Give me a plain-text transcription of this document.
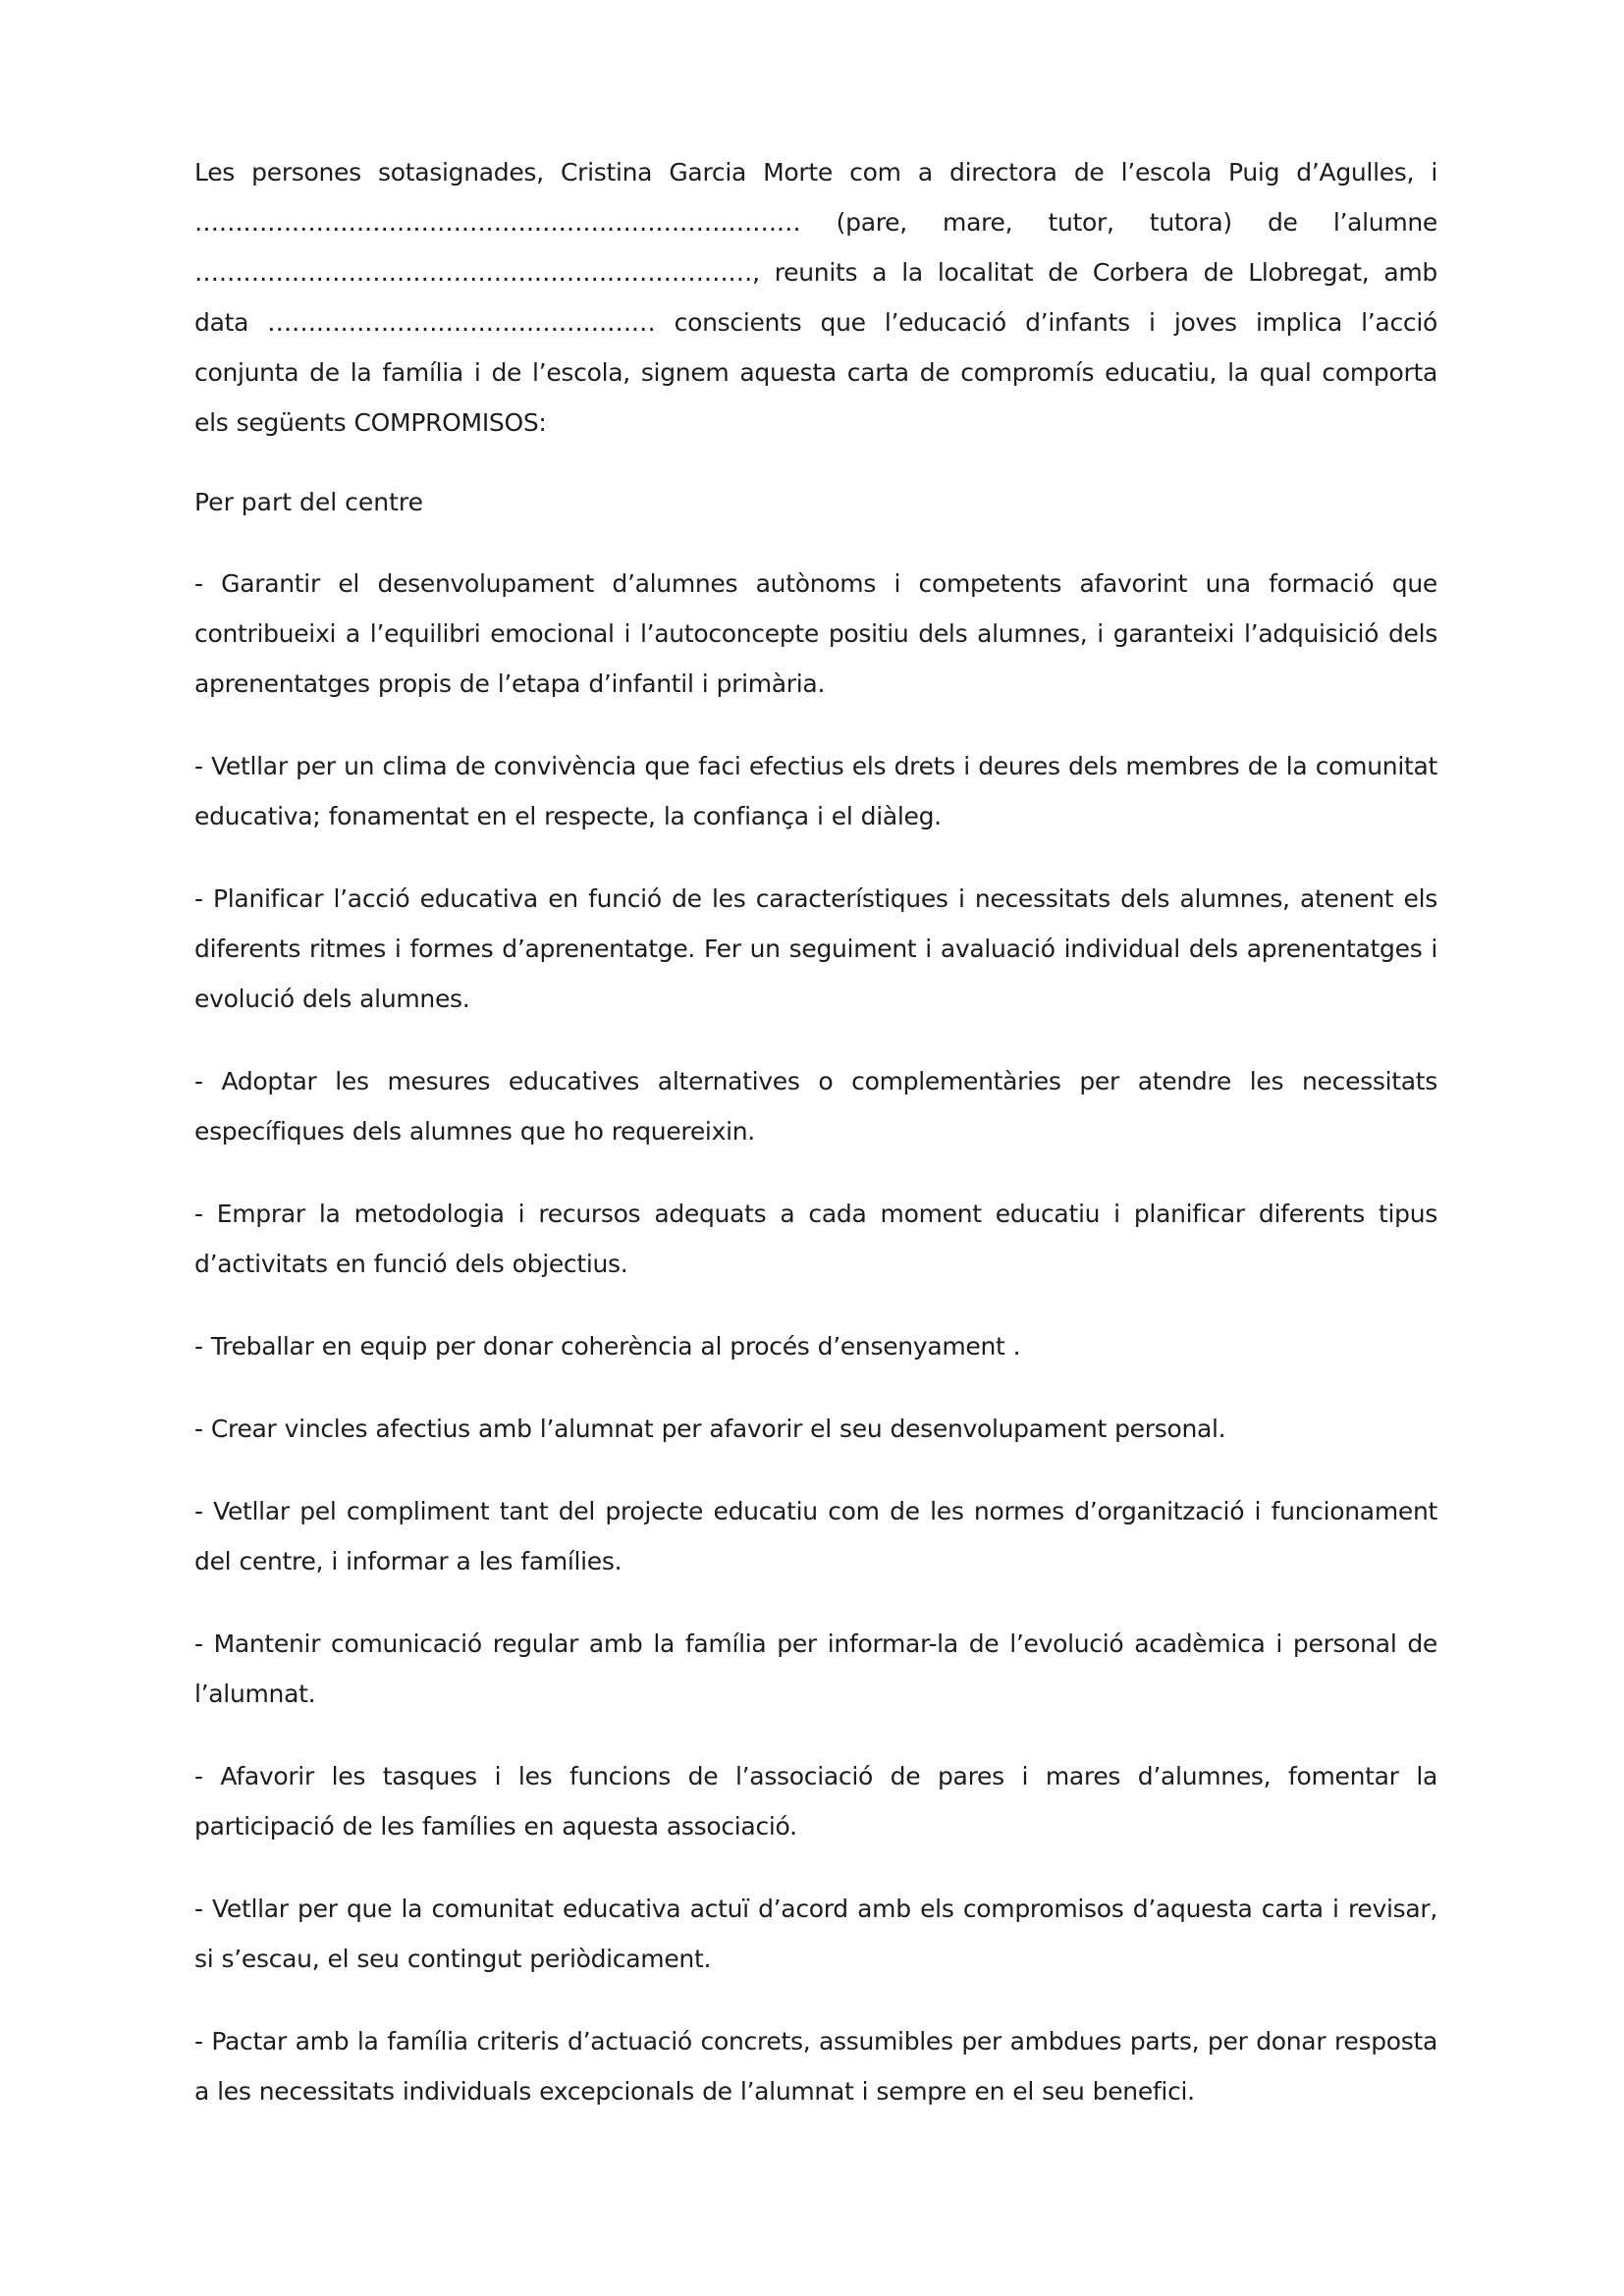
Les persones sotasignades, Cristina Garcia Morte com a directora de l’escola Puig d’Agulles, i ………………………………………………………………… (pare, mare, tutor, tutora) de l’alumne ……………………………………………………………, reunits a la localitat de Corbera de Llobregat, amb data ………………………………………… conscients que l’educació d’infants i joves implica l’acció conjunta de la família i de l’escola, signem aquesta carta de compromís educatiu, la qual comporta els següents COMPROMISOS:

Per part del centre

- Garantir el desenvolupament d’alumnes autònoms i competents afavorint una formació que contribueixi a l’equilibri emocional i l’autoconcepte positiu dels alumnes, i garanteixi l’adquisició dels aprenentatges propis de l’etapa d’infantil i primària.

- Vetllar per un clima de convivència que faci efectius els drets i deures dels membres de la comunitat educativa; fonamentat en el respecte, la confiança i el diàleg.

- Planificar l’acció educativa en funció de les característiques i necessitats dels alumnes, atenent els diferents ritmes i formes d’aprenentatge. Fer un seguiment i avaluació individual dels aprenentatges i evolució dels alumnes.

- Adoptar les mesures educatives alternatives o complementàries per atendre les necessitats específiques dels alumnes que ho requereixin.

- Emprar la metodologia i recursos adequats a cada moment educatiu i planificar diferents tipus d’activitats en funció dels objectius.

- Treballar en equip per donar coherència al procés d’ensenyament .

- Crear vincles afectius amb l’alumnat per afavorir el seu desenvolupament personal.

- Vetllar pel compliment tant del projecte educatiu com de les normes d’organització i funcionament del centre, i informar a les famílies.

- Mantenir comunicació regular amb la família per informar-la de l’evolució acadèmica i personal de l’alumnat.

- Afavorir les tasques i les funcions de l’associació de pares i mares d’alumnes, fomentar la participació de les famílies en aquesta associació.

- Vetllar per que la comunitat educativa actuï d’acord amb els compromisos d’aquesta carta i revisar, si s’escau, el seu contingut periòdicament.

- Pactar amb la família criteris d’actuació concrets, assumibles per ambdues parts, per donar resposta a les necessitats individuals excepcionals de l’alumnat i sempre en el seu benefici.
